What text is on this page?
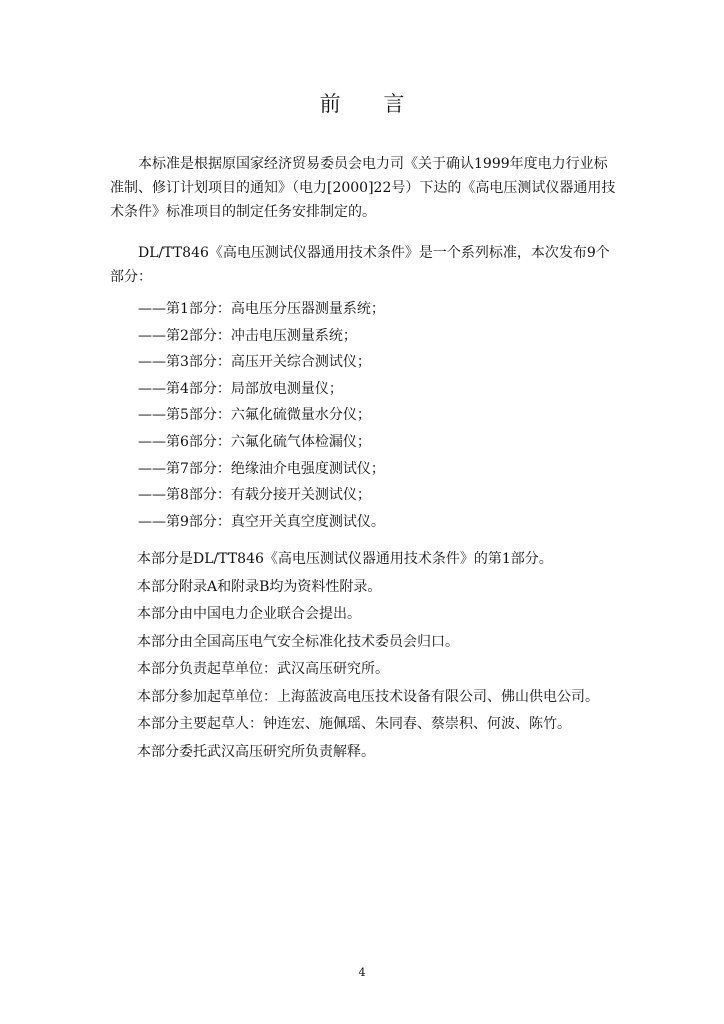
前 言
本标准是根据原国家经济贸易委员会电力司《关于确认1999年度电力行业标准制、修订计划项目的通知》（电力[2000]22号）下达的《高电压测试仪器通用技术条件》标准项目的制定任务安排制定的。
DL/TT846《高电压测试仪器通用技术条件》是一个系列标准，本次发布9个部分：
——第1部分：高电压分压器测量系统；
——第2部分：冲击电压测量系统；
——第3部分：高压开关综合测试仪；
——第4部分：局部放电测量仪；
——第5部分：六氟化硫微量水分仪；
——第6部分：六氟化硫气体检漏仪；
——第7部分：绝缘油介电强度测试仪；
——第8部分：有载分接开关测试仪；
——第9部分：真空开关真空度测试仪。
本部分是DL/TT846《高电压测试仪器通用技术条件》的第1部分。
本部分附录A和附录B均为资料性附录。
本部分由中国电力企业联合会提出。
本部分由全国高压电气安全标准化技术委员会归口。
本部分负责起草单位：武汉高压研究所。
本部分参加起草单位：上海蓝波高电压技术设备有限公司、佛山供电公司。
本部分主要起草人：钟连宏、施佩瑶、朱同春、蔡崇积、何波、陈竹。
本部分委托武汉高压研究所负责解释。
4
